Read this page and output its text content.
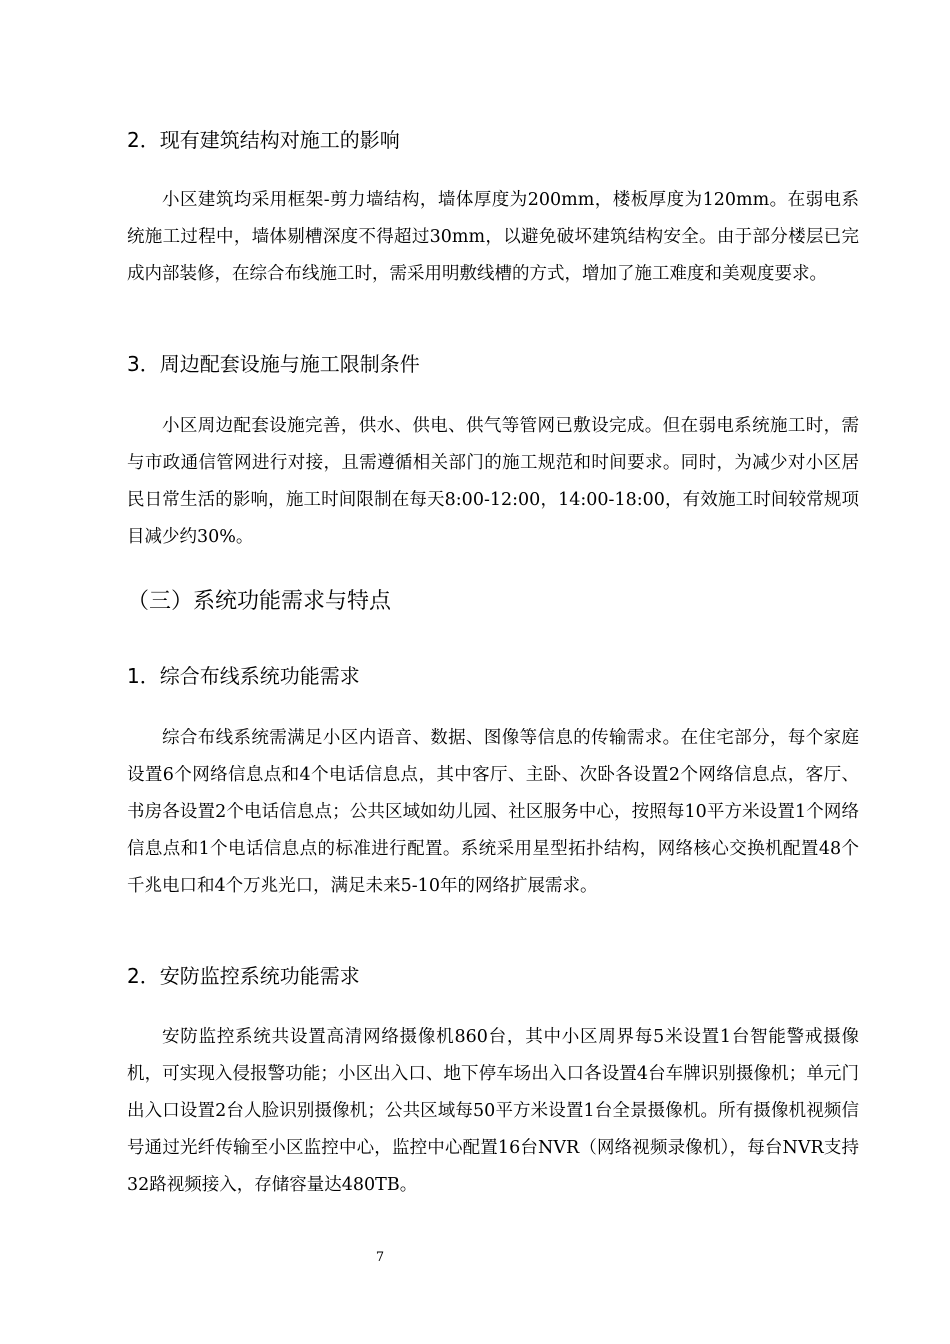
2．现有建筑结构对施工的影响

小区建筑均采用框架-剪力墙结构，墙体厚度为200mm，楼板厚度为120mm。在弱电系统施工过程中，墙体剔槽深度不得超过30mm，以避免破坏建筑结构安全。由于部分楼层已完成内部装修，在综合布线施工时，需采用明敷线槽的方式，增加了施工难度和美观度要求。

3．周边配套设施与施工限制条件

小区周边配套设施完善，供水、供电、供气等管网已敷设完成。但在弱电系统施工时，需与市政通信管网进行对接，且需遵循相关部门的施工规范和时间要求。同时，为减少对小区居民日常生活的影响，施工时间限制在每天8:00-12:00，14:00-18:00，有效施工时间较常规项目减少约30%。

（三）系统功能需求与特点
1．综合布线系统功能需求

综合布线系统需满足小区内语音、数据、图像等信息的传输需求。在住宅部分，每个家庭设置6个网络信息点和4个电话信息点，其中客厅、主卧、次卧各设置2个网络信息点，客厅、书房各设置2个电话信息点；公共区域如幼儿园、社区服务中心，按照每10平方米设置1个网络信息点和1个电话信息点的标准进行配置。系统采用星型拓扑结构，网络核心交换机配置48个千兆电口和4个万兆光口，满足未来5-10年的网络扩展需求。

2．安防监控系统功能需求

安防监控系统共设置高清网络摄像机860台，其中小区周界每5米设置1台智能警戒摄像机，可实现入侵报警功能；小区出入口、地下停车场出入口各设置4台车牌识别摄像机；单元门出入口设置2台人脸识别摄像机；公共区域每50平方米设置1台全景摄像机。所有摄像机视频信号通过光纤传输至小区监控中心，监控中心配置16台NVR（网络视频录像机），每台NVR支持32路视频接入，存储容量达480TB。

7
